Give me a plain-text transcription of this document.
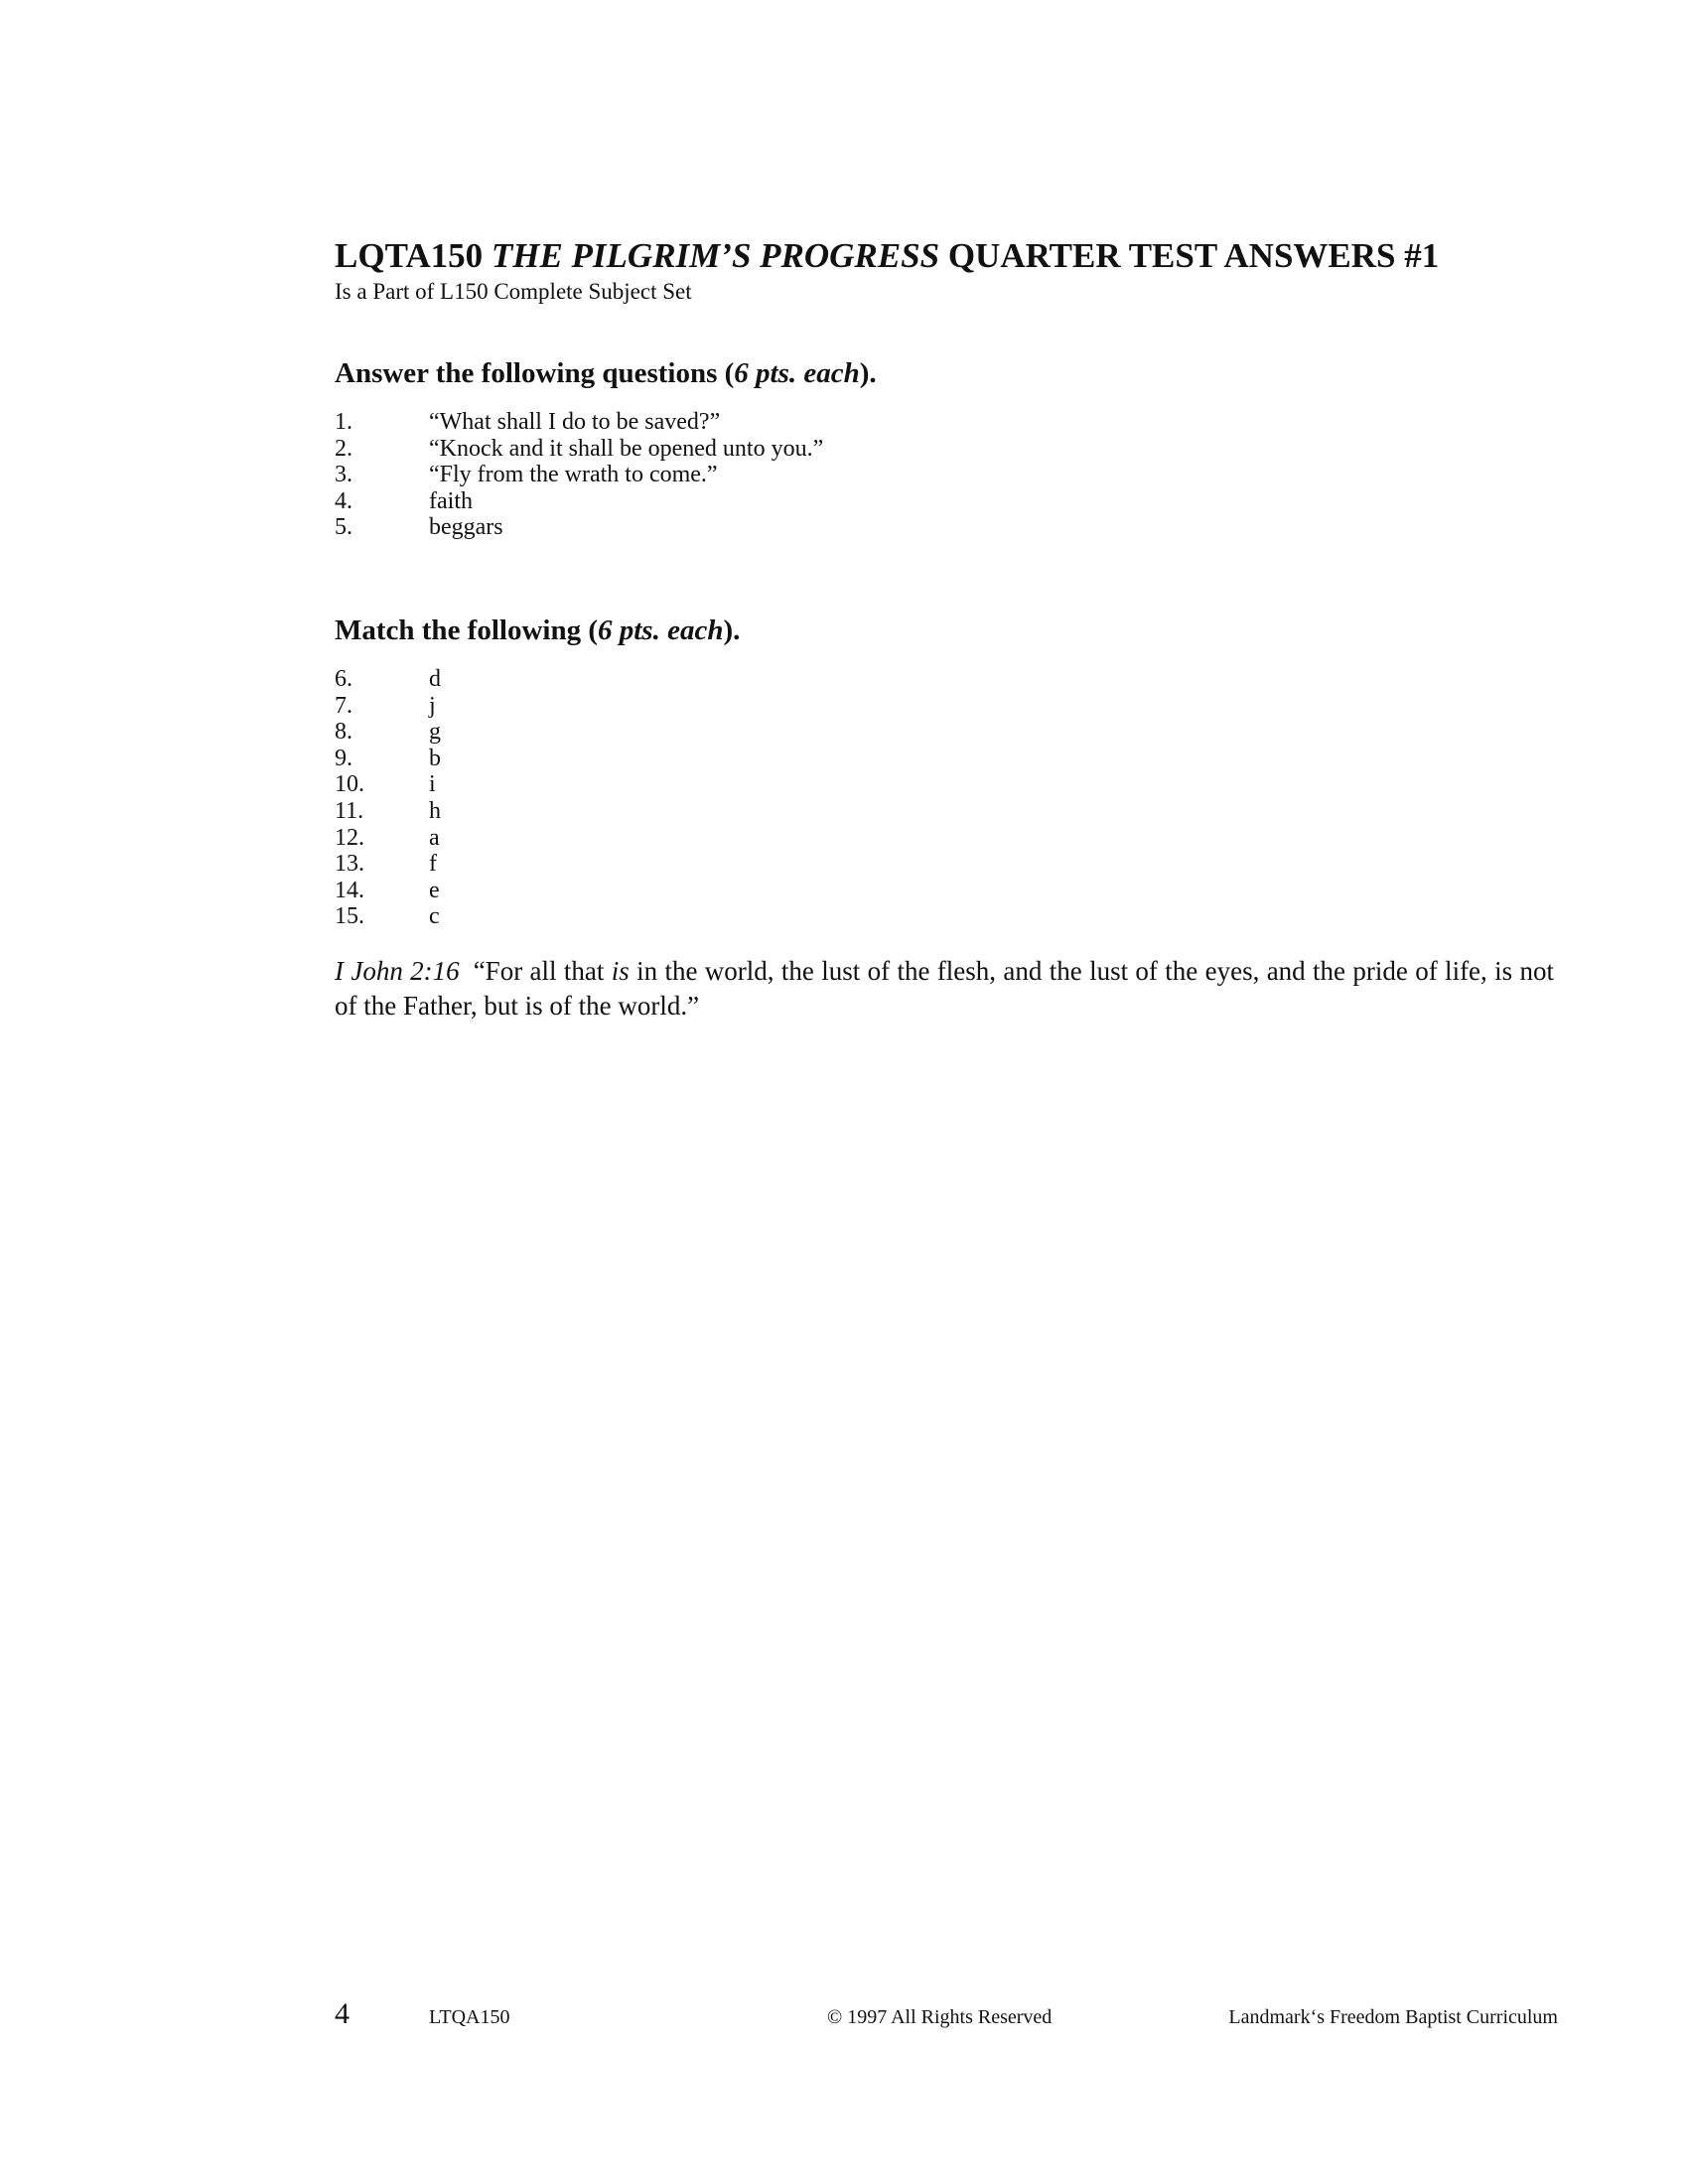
LQTA150 THE PILGRIM’S PROGRESS QUARTER TEST ANSWERS #1

Is a Part of L150 Complete Subject Set

Answer the following questions (6 pts. each).
1.	“What shall I do to be saved?”
2.	“Knock and it shall be opened unto you.”
3.	“Fly from the wrath to come.”
4.	faith
5.	beggars
Match the following (6 pts. each).
6.	d
7.	j
8.	g
9.	b
10.	i
11.	h
12.	a
13.	f
14.	e
15.	c

I John 2:16 “For all that is in the world, the lust of the flesh, and the lust of the eyes, and the pride of life, is not of the Father, but is of the world.”

4	LTQA150	© 1997 All Rights Reserved	Landmark‘s Freedom Baptist Curriculum
